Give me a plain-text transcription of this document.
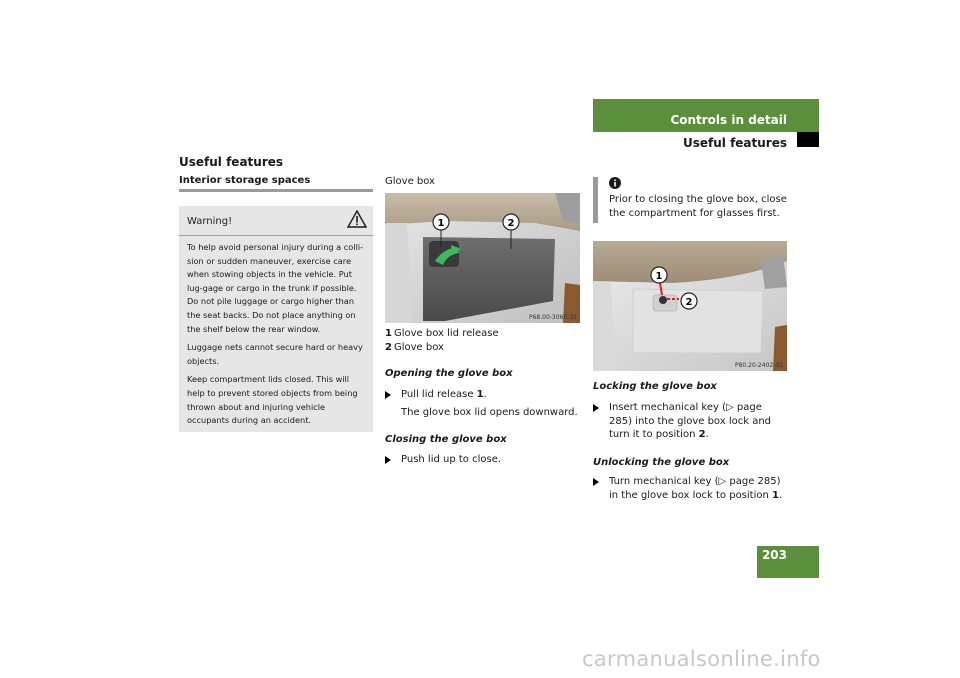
Controls in detail
Useful features
Useful features
Interior storage spaces
Warning!

To help avoid personal injury during a colli-sion or sudden maneuver, exercise care when stowing objects in the vehicle. Put lug-gage or cargo in the trunk if possible. Do not pile luggage or cargo higher than the seat backs. Do not place anything on the shelf below the rear window.

Luggage nets cannot secure hard or heavy objects.

Keep compartment lids closed. This will help to prevent stored objects from being thrown about and injuring vehicle occupants during an accident.

Glove box
1	2
P68.00-3060-31
1 Glove box lid release
2 Glove box
Opening the glove box
Pull lid release 1.
The glove box lid opens downward.
Closing the glove box
Push lid up to close.
Prior to closing the glove box, close the compartment for glasses first.
1
2
P80.20-2402-31
Locking the glove box
Insert mechanical key (▷ page 285) into the glove box lock and turn it to position 2.
Unlocking the glove box
Turn mechanical key (▷ page 285) in the glove box lock to position 1.
203
carmanualsonline.info
